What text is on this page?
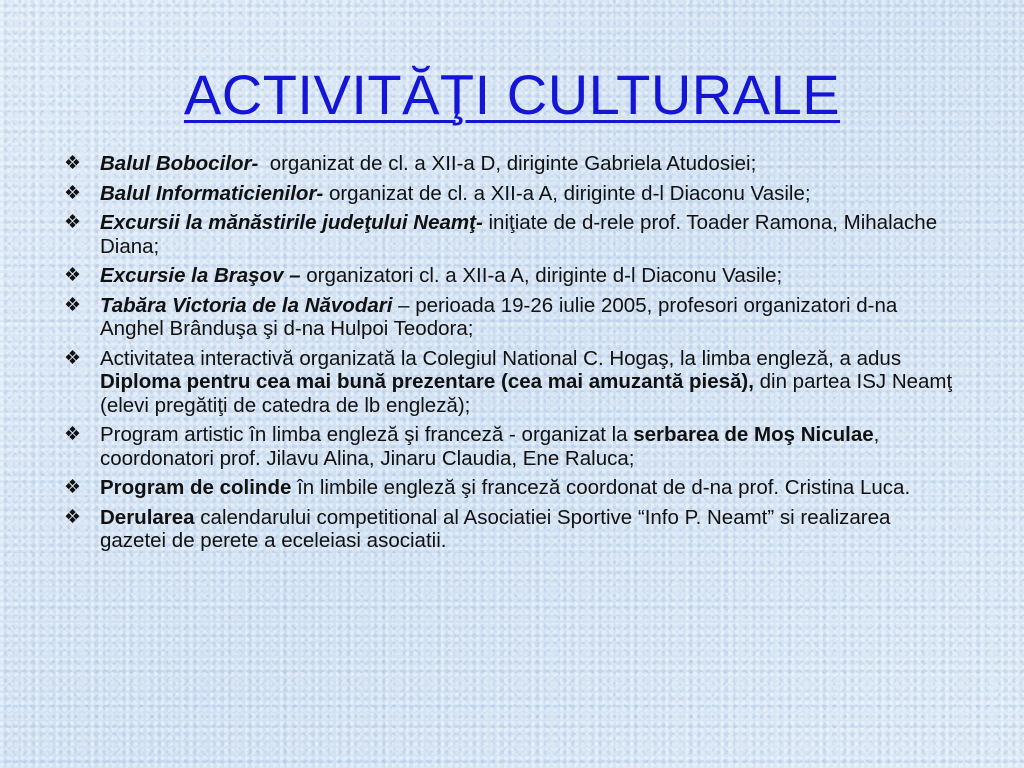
ACTIVITĂŢI CULTURALE
❖ Balul Bobocilor-  organizat de cl. a XII-a D, diriginte Gabriela Atudosiei;
❖ Balul Informaticienilor- organizat de cl. a XII-a A, diriginte d-l Diaconu Vasile;
❖ Excursii la mănăstirile judeţului Neamţ- iniţiate de d-rele prof. Toader Ramona, Mihalache Diana;
❖ Excursie la Braşov – organizatori cl. a XII-a A, diriginte d-l Diaconu Vasile;
❖ Tabăra Victoria de la Năvodari – perioada 19-26 iulie 2005, profesori organizatori d-na Anghel Brânduşa şi d-na Hulpoi Teodora;
❖ Activitatea interactivă organizată la Colegiul National C. Hogaş, la limba engleză, a adus Diploma pentru cea mai bună prezentare (cea mai amuzantă piesă), din partea ISJ Neamţ (elevi pregătiţi de catedra de lb engleză);
❖ Program artistic în limba engleză şi franceză - organizat la serbarea de Moş Niculae, coordonatori prof. Jilavu Alina, Jinaru Claudia, Ene Raluca;
❖ Program de colinde în limbile engleză şi franceză coordonat de d-na prof. Cristina Luca.
❖ Derularea calendarului competitional al Asociatiei Sportive “Info P. Neamt” si realizarea gazetei de perete a eceleiasi asociatii.
